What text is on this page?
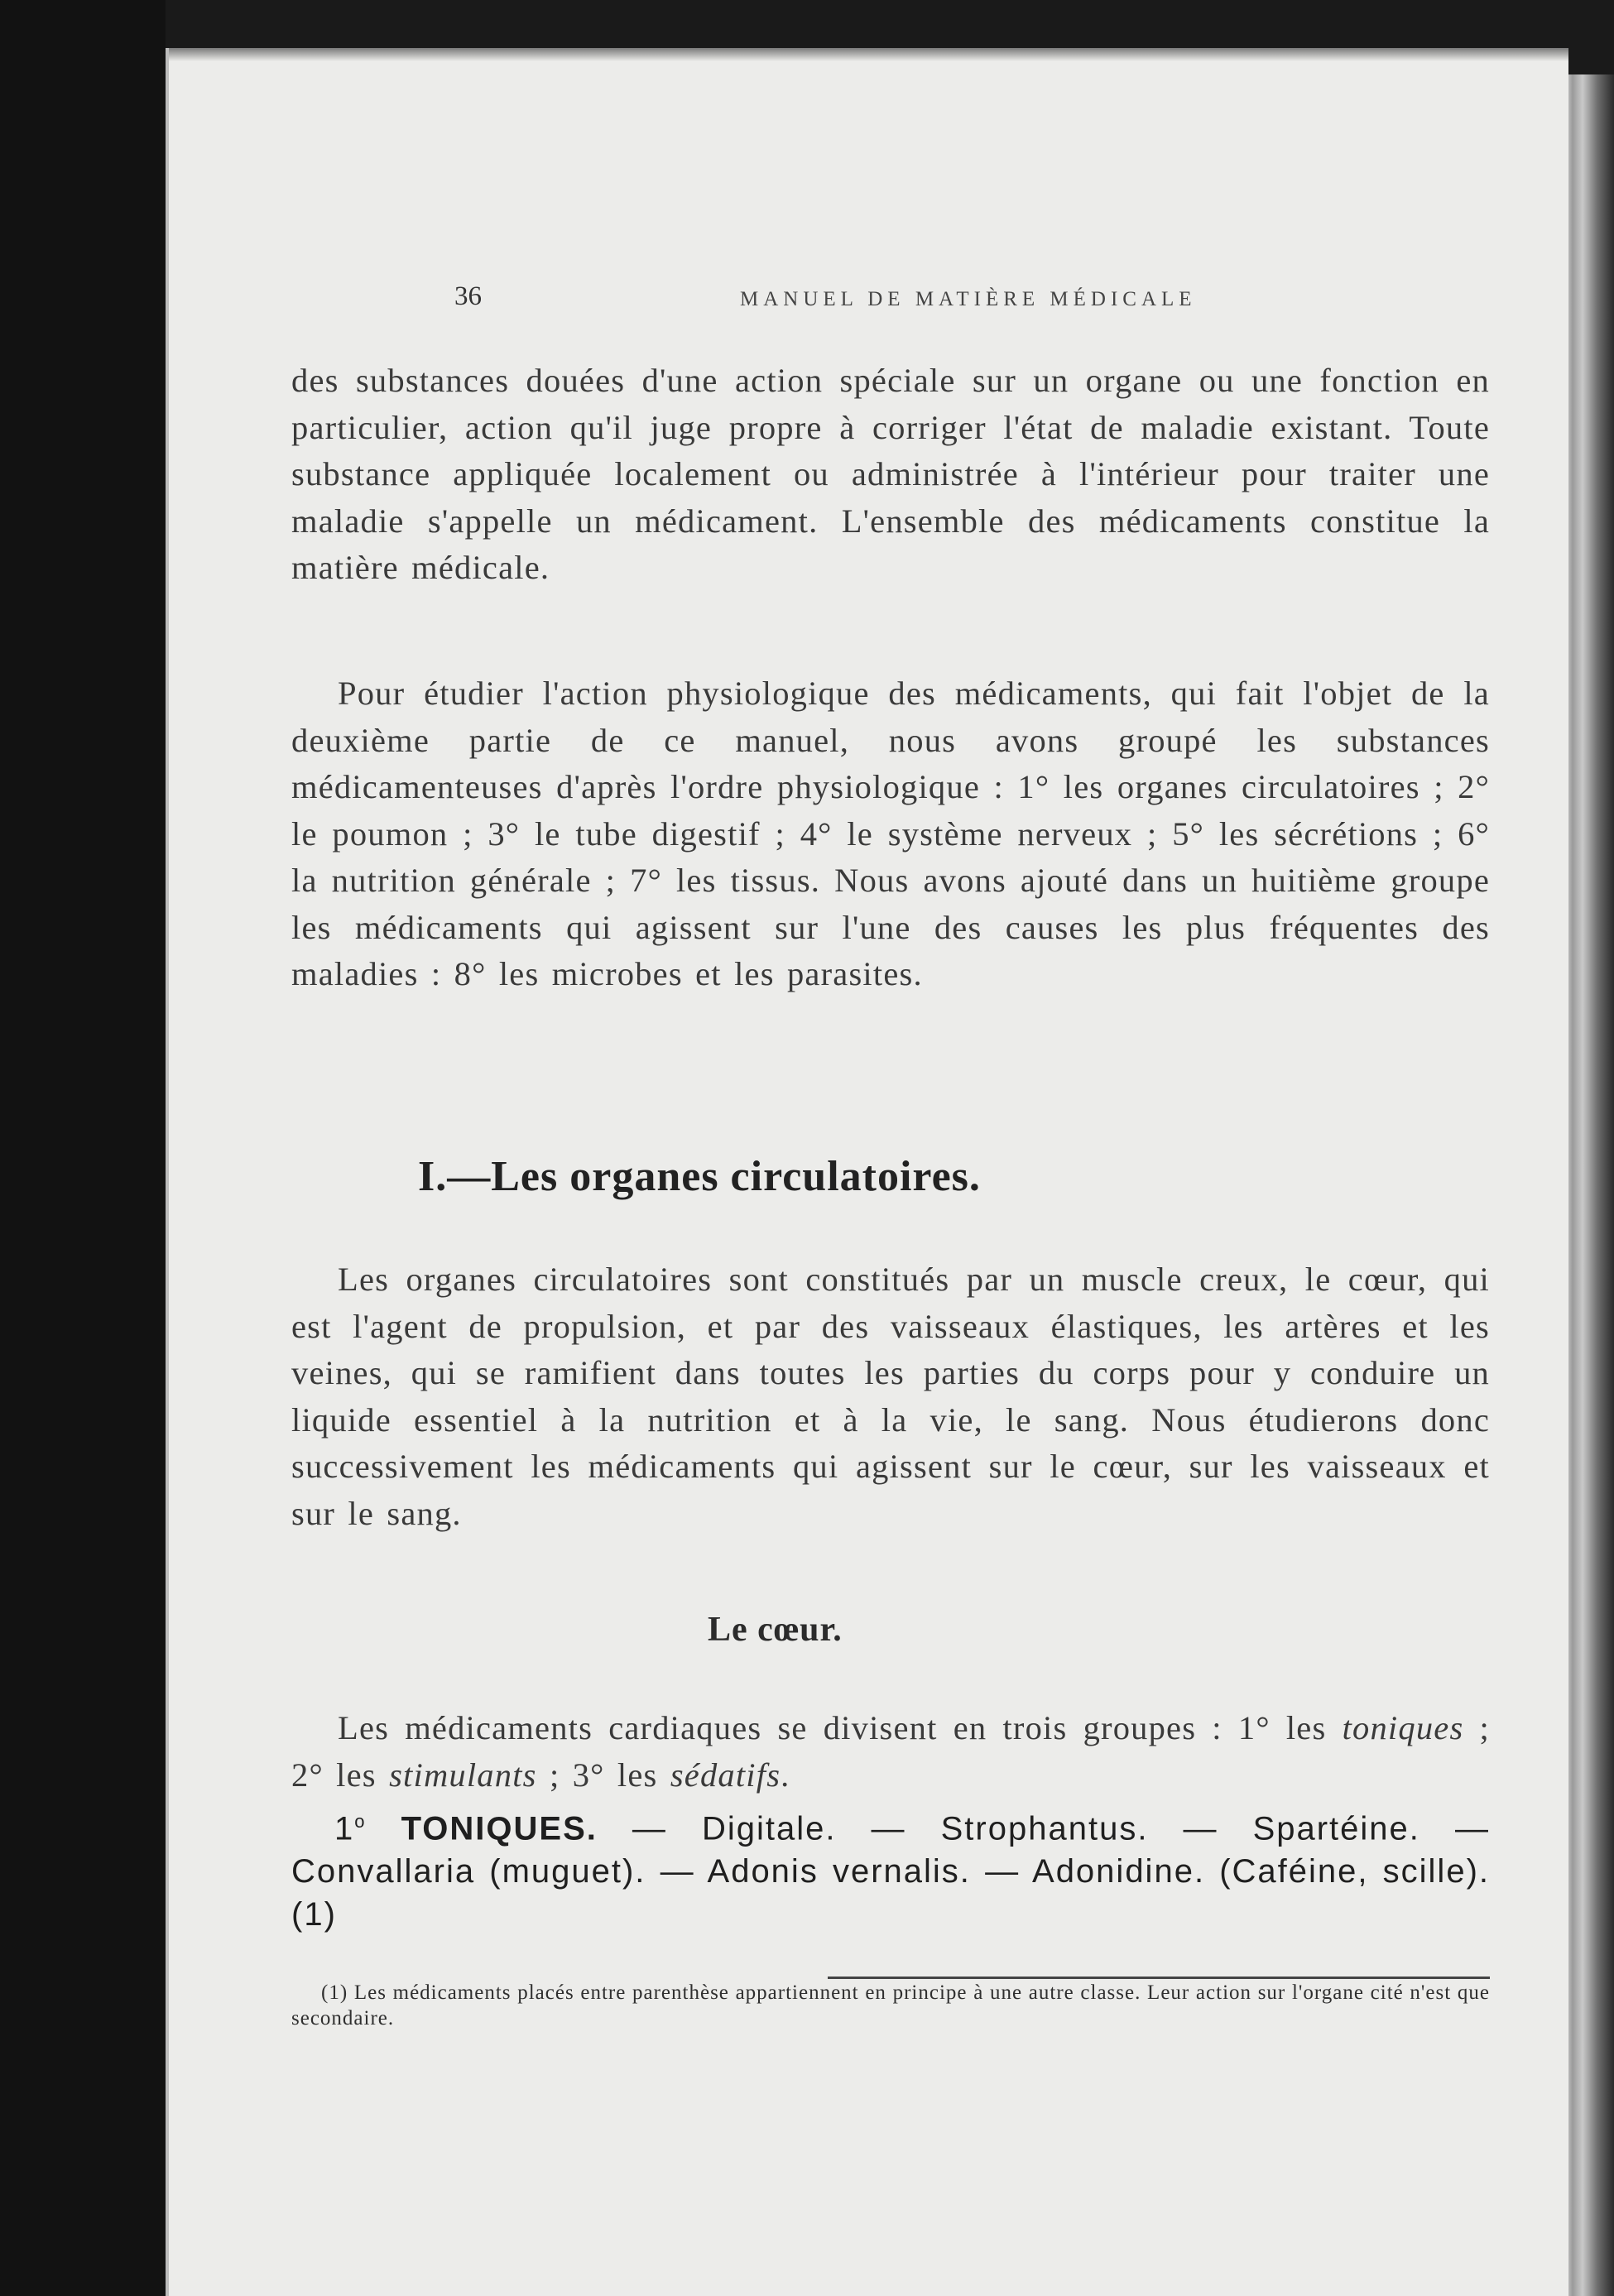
36	MANUEL DE MATIÈRE MÉDICALE
des substances douées d'une action spéciale sur un organe ou une fonction en particulier, action qu'il juge propre à corriger l'état de maladie existant. Toute substance appliquée localement ou administrée à l'intérieur pour traiter une maladie s'appelle un médicament. L'ensemble des médicaments constitue la matière médicale.
Pour étudier l'action physiologique des médicaments, qui fait l'objet de la deuxième partie de ce manuel, nous avons groupé les substances médicamenteuses d'après l'ordre physiologique : 1° les organes circulatoires ; 2° le poumon ; 3° le tube digestif ; 4° le système nerveux ; 5° les sécrétions ; 6° la nutrition générale ; 7° les tissus. Nous avons ajouté dans un huitième groupe les médicaments qui agissent sur l'une des causes les plus fréquentes des maladies : 8° les microbes et les parasites.
I.—Les organes circulatoires.
Les organes circulatoires sont constitués par un muscle creux, le cœur, qui est l'agent de propulsion, et par des vaisseaux élastiques, les artères et les veines, qui se ramifient dans toutes les parties du corps pour y conduire un liquide essentiel à la nutrition et à la vie, le sang. Nous étudierons donc successivement les médicaments qui agissent sur le cœur, sur les vaisseaux et sur le sang.
Le cœur.
Les médicaments cardiaques se divisent en trois groupes : 1° les toniques ; 2° les stimulants ; 3° les sédatifs.
1$^o$ TONIQUES. — Digitale. — Strophantus. — Spartéine. — Convallaria (muguet). — Adonis vernalis. — Adonidine. (Caféine, scille). (1)
(1) Les médicaments placés entre parenthèse appartiennent en principe à une autre classe. Leur action sur l'organe cité n'est que secondaire.
